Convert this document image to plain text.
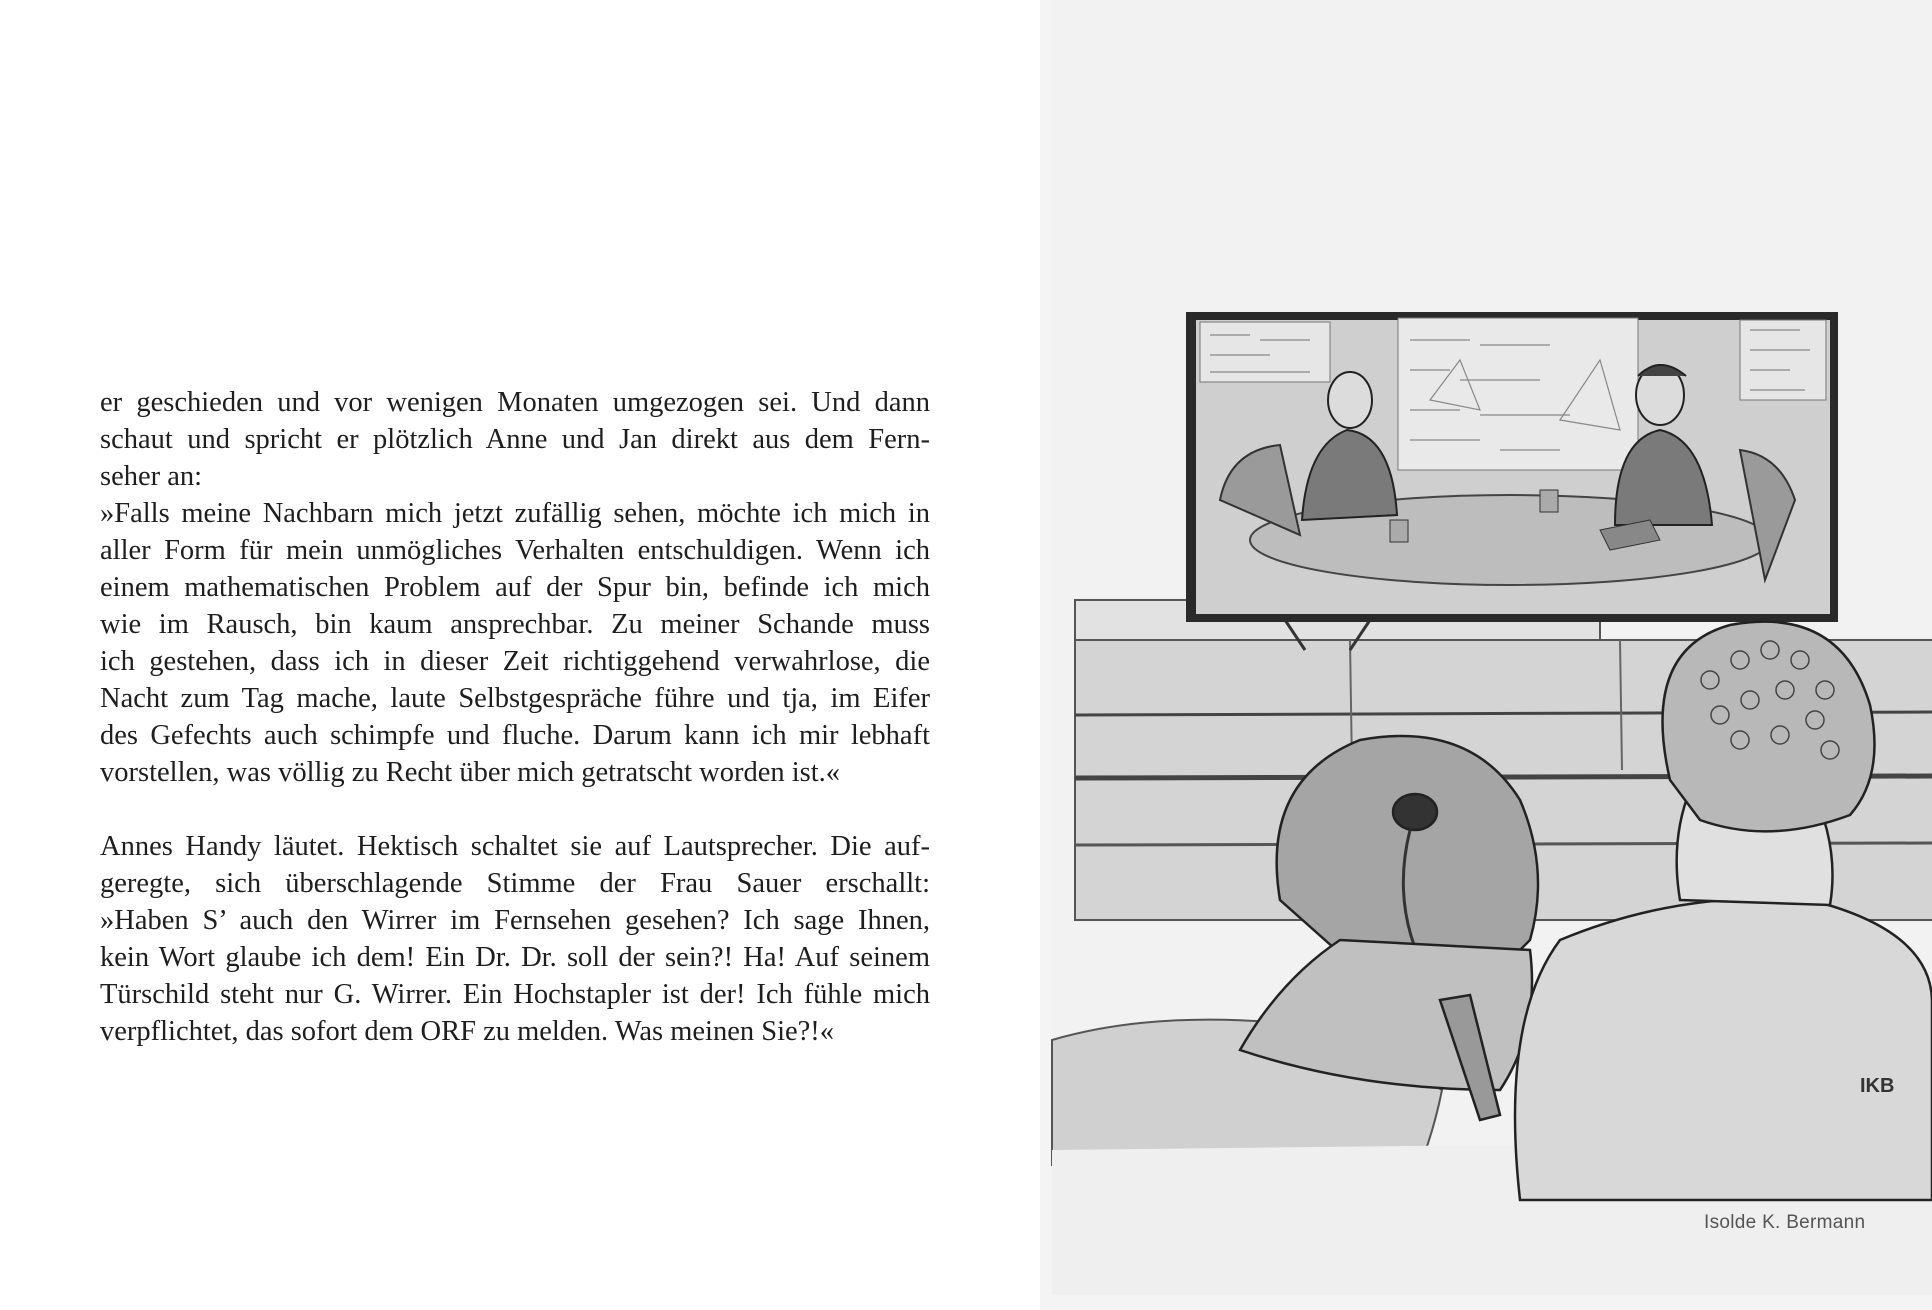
er geschieden und vor wenigen Monaten umgezogen sei. Und dann
schaut und spricht er plötzlich Anne und Jan direkt aus dem Fern-
seher an:

»Falls meine Nachbarn mich jetzt zufällig sehen, möchte ich mich in
aller Form für mein unmögliches Verhalten entschuldigen. Wenn ich
einem mathematischen Problem auf der Spur bin, befinde ich mich
wie im Rausch, bin kaum ansprechbar. Zu meiner Schande muss
ich gestehen, dass ich in dieser Zeit richtiggehend verwahrlose, die
Nacht zum Tag mache, laute Selbstgespräche führe und tja, im Eifer
des Gefechts auch schimpfe und fluche. Darum kann ich mir lebhaft
vorstellen, was völlig zu Recht über mich getratscht worden ist.«

Annes Handy läutet. Hektisch schaltet sie auf Lautsprecher. Die auf-
geregte, sich überschlagende Stimme der Frau Sauer erschallt:
»Haben S’ auch den Wirrer im Fernsehen gesehen? Ich sage Ihnen,
kein Wort glaube ich dem! Ein Dr. Dr. soll der sein?! Ha! Auf seinem
Türschild steht nur G. Wirrer. Ein Hochstapler ist der! Ich fühle mich
verpflichtet, das sofort dem ORF zu melden. Was meinen Sie?!«

IKB
Isolde K. Bermann
